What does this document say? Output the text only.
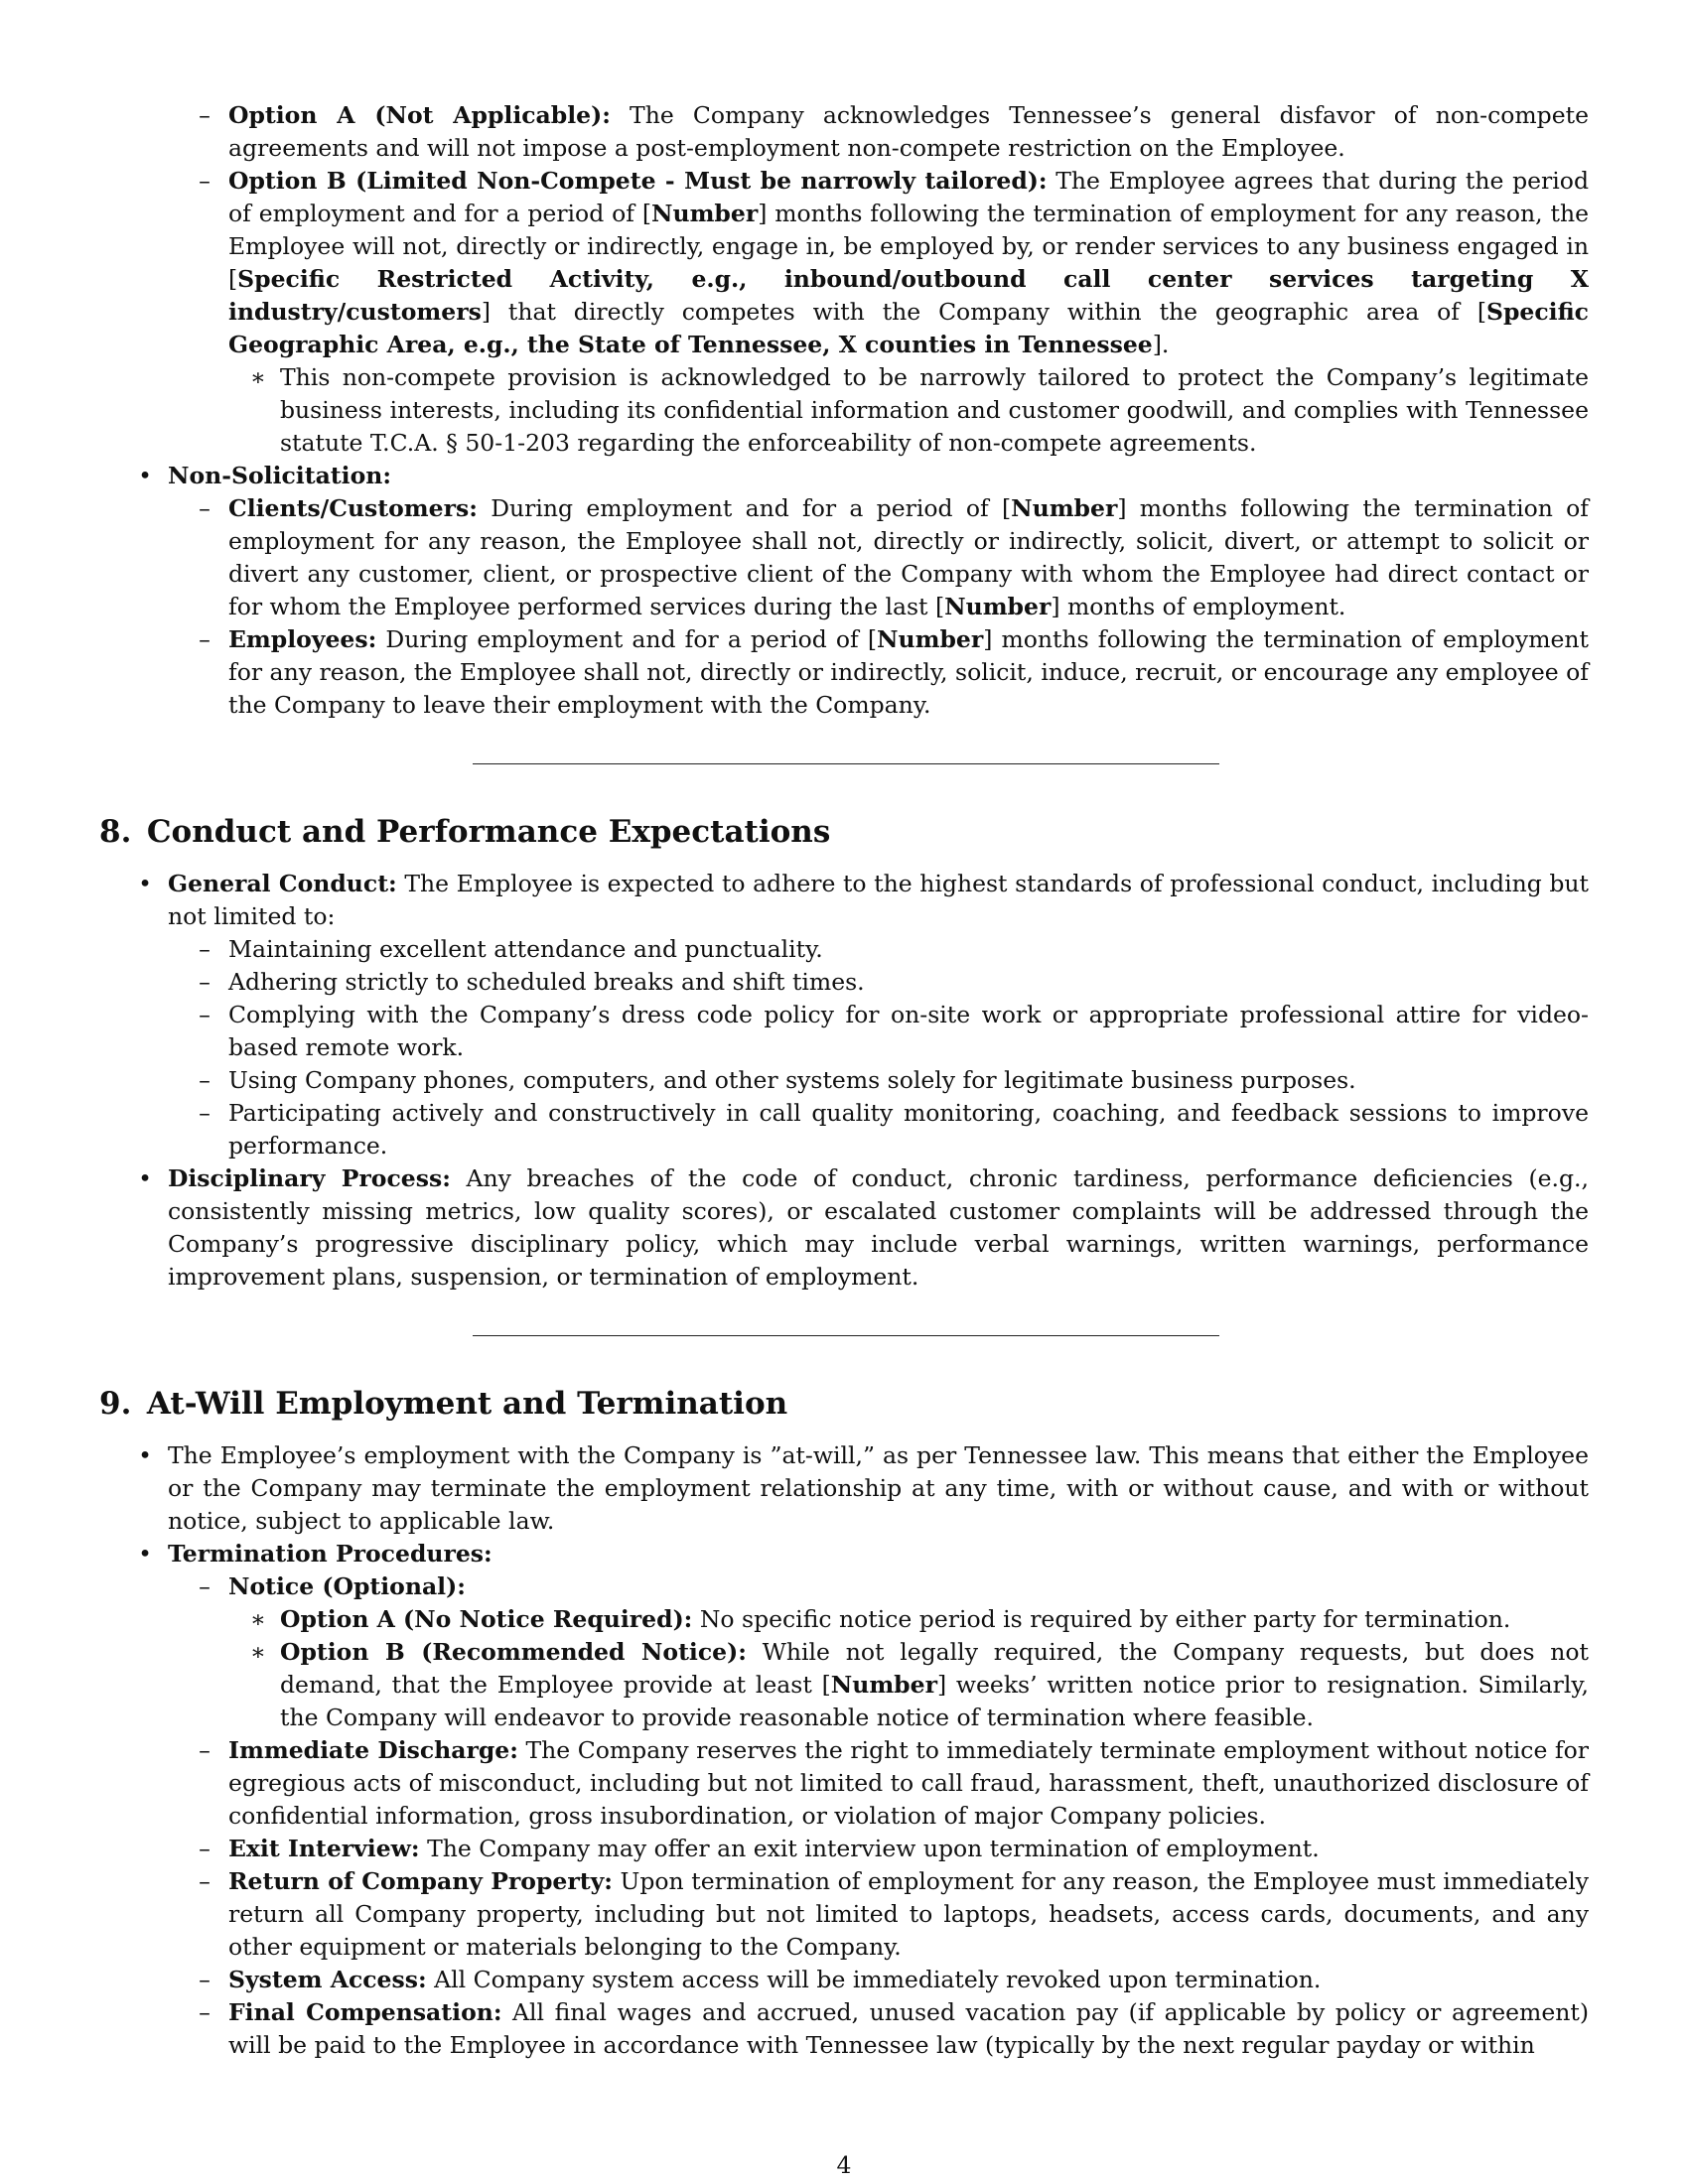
– Option A (Not Applicable): The Company acknowledges Tennessee’s general disfavor of non-compete agreements and will not impose a post-employment non-compete restriction on the Employee.

– Option B (Limited Non-Compete - Must be narrowly tailored): The Employee agrees that during the period of employment and for a period of [Number] months following the termination of employment for any reason, the Employee will not, directly or indirectly, engage in, be employed by, or render services to any business engaged in [Specific Restricted Activity, e.g., inbound/outbound call center services targeting X industry/customers] that directly competes with the Company within the geographic area of [Specific Geographic Area, e.g., the State of Tennessee, X counties in Tennessee].

∗ This non-compete provision is acknowledged to be narrowly tailored to protect the Company’s legitimate business interests, including its confidential information and customer goodwill, and complies with Tennessee statute T.C.A. § 50-1-203 regarding the enforceability of non-compete agreements.

• Non-Solicitation:

– Clients/Customers: During employment and for a period of [Number] months following the termination of employment for any reason, the Employee shall not, directly or indirectly, solicit, divert, or attempt to solicit or divert any customer, client, or prospective client of the Company with whom the Employee had direct contact or for whom the Employee performed services during the last [Number] months of employment.

– Employees: During employment and for a period of [Number] months following the termination of employment for any reason, the Employee shall not, directly or indirectly, solicit, induce, recruit, or encourage any employee of the Company to leave their employment with the Company.

8. Conduct and Performance Expectations

• General Conduct: The Employee is expected to adhere to the highest standards of professional conduct, including but not limited to:

– Maintaining excellent attendance and punctuality.

– Adhering strictly to scheduled breaks and shift times.

– Complying with the Company’s dress code policy for on-site work or appropriate professional attire for video-based remote work.

– Using Company phones, computers, and other systems solely for legitimate business purposes.

– Participating actively and constructively in call quality monitoring, coaching, and feedback sessions to improve performance.

• Disciplinary Process: Any breaches of the code of conduct, chronic tardiness, performance deficiencies (e.g., consistently missing metrics, low quality scores), or escalated customer complaints will be addressed through the Company’s progressive disciplinary policy, which may include verbal warnings, written warnings, performance improvement plans, suspension, or termination of employment.

9. At-Will Employment and Termination

• The Employee’s employment with the Company is ”at-will,” as per Tennessee law. This means that either the Employee or the Company may terminate the employment relationship at any time, with or without cause, and with or without notice, subject to applicable law.

• Termination Procedures:

– Notice (Optional):

∗ Option A (No Notice Required): No specific notice period is required by either party for termination.

∗ Option B (Recommended Notice): While not legally required, the Company requests, but does not demand, that the Employee provide at least [Number] weeks’ written notice prior to resignation. Similarly, the Company will endeavor to provide reasonable notice of termination where feasible.

– Immediate Discharge: The Company reserves the right to immediately terminate employment without notice for egregious acts of misconduct, including but not limited to call fraud, harassment, theft, unauthorized disclosure of confidential information, gross insubordination, or violation of major Company policies.

– Exit Interview: The Company may offer an exit interview upon termination of employment.

– Return of Company Property: Upon termination of employment for any reason, the Employee must immediately return all Company property, including but not limited to laptops, headsets, access cards, documents, and any other equipment or materials belonging to the Company.

– System Access: All Company system access will be immediately revoked upon termination.

– Final Compensation: All final wages and accrued, unused vacation pay (if applicable by policy or agreement) will be paid to the Employee in accordance with Tennessee law (typically by the next regular payday or within

4
